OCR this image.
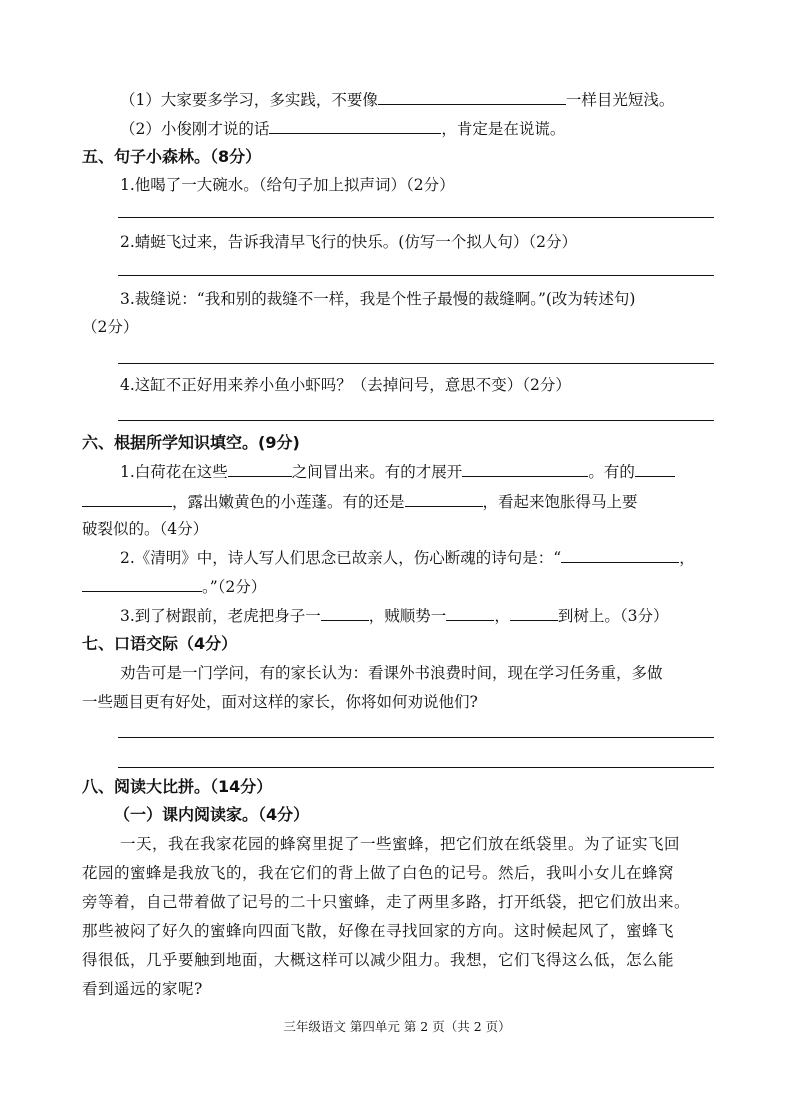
（1）大家要多学习，多实践，不要像	一样目光短浅。
（2）小俊刚才说的话	，肯定是在说谎。
五、句子小森林。（8分）
1.他喝了一大碗水。（给句子加上拟声词）（2分）
2.蜻蜓飞过来，告诉我清早飞行的快乐。(仿写一个拟人句）（2分）
3.裁缝说：“我和别的裁缝不一样，我是个性子最慢的裁缝啊。”(改为转述句)
（2分）
4.这缸不正好用来养小鱼小虾吗？（去掉问号，意思不变）（2分）
六、根据所学知识填空。(9分)
1.白荷花在这些	之间冒出来。有的才展开	。有的
，露出嫩黄色的小莲蓬。有的还是	，看起来饱胀得马上要
破裂似的。（4分）
2.《清明》中，诗人写人们思念已故亲人，伤心断魂的诗句是：“	，
。”（2分）
3.到了树跟前，老虎把身子一	，贼顺势一	，	到树上。（3分）
七、口语交际（4分）
劝告可是一门学问，有的家长认为：看课外书浪费时间，现在学习任务重，多做
一些题目更有好处，面对这样的家长，你将如何劝说他们?
八、阅读大比拼。（14分）
（一）课内阅读家。（4分）
一天，我在我家花园的蜂窝里捉了一些蜜蜂，把它们放在纸袋里。为了证实飞回
花园的蜜蜂是我放飞的，我在它们的背上做了白色的记号。然后，我叫小女儿在蜂窝
旁等着，自己带着做了记号的二十只蜜蜂，走了两里多路，打开纸袋，把它们放出来。
那些被闷了好久的蜜蜂向四面飞散，好像在寻找回家的方向。这时候起风了，蜜蜂飞
得很低，几乎要触到地面，大概这样可以减少阻力。我想，它们飞得这么低，怎么能
看到遥远的家呢?
三年级语文 第四单元 第 2 页（共 2 页）
